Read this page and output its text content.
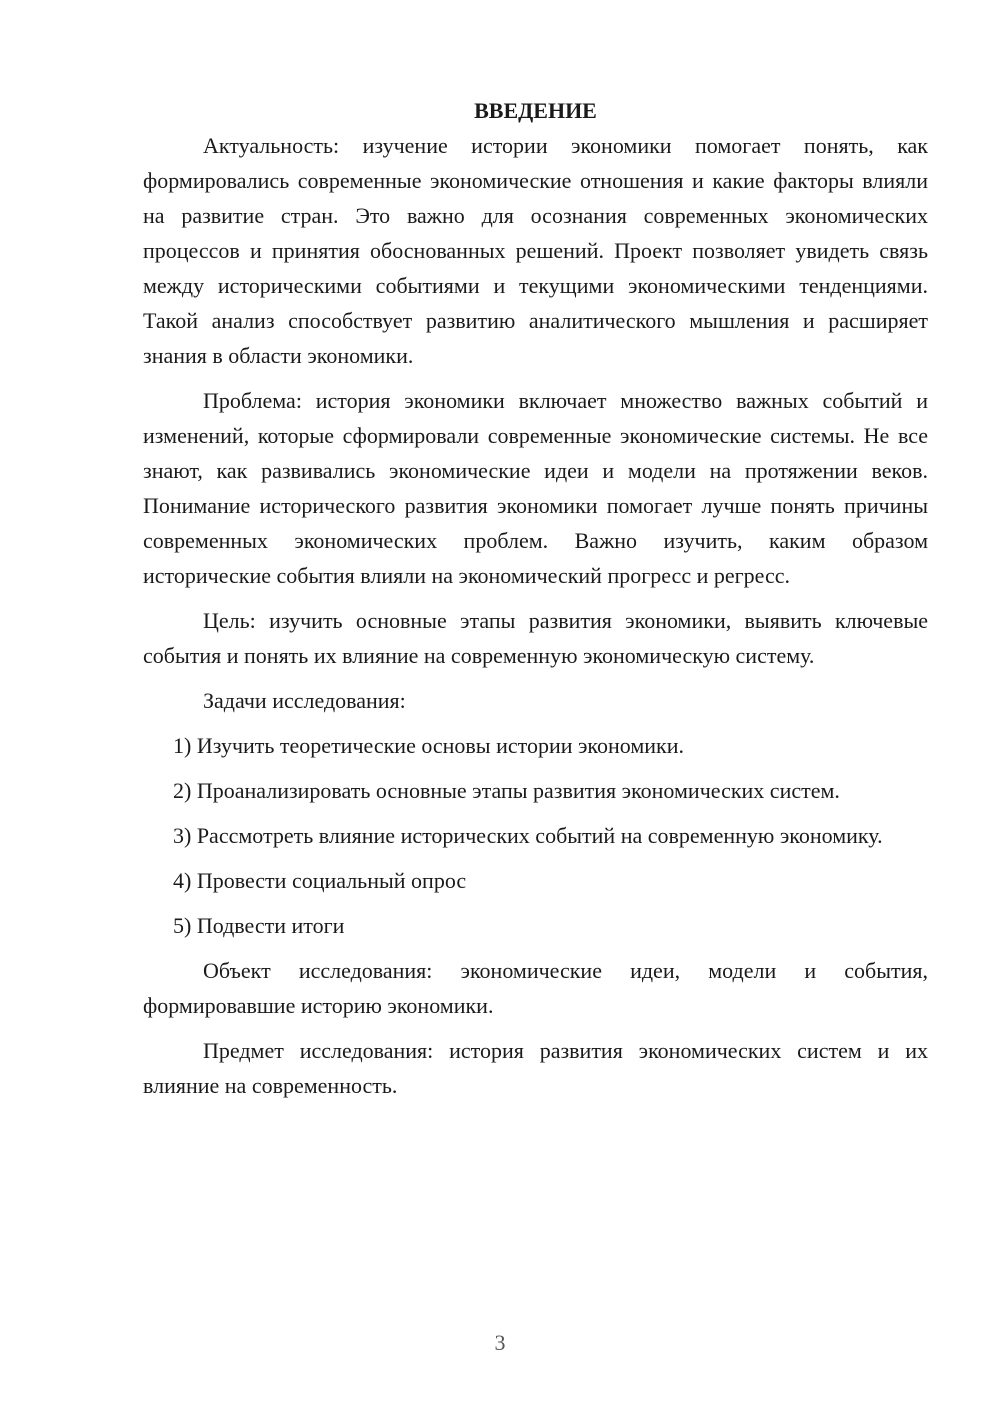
ВВЕДЕНИЕ

Актуальность: изучение истории экономики помогает понять, как формировались современные экономические отношения и какие факторы влияли на развитие стран. Это важно для осознания современных экономических процессов и принятия обоснованных решений. Проект позволяет увидеть связь между историческими событиями и текущими экономическими тенденциями. Такой анализ способствует развитию аналитического мышления и расширяет знания в области экономики.

Проблема: история экономики включает множество важных событий и изменений, которые сформировали современные экономические системы. Не все знают, как развивались экономические идеи и модели на протяжении веков. Понимание исторического развития экономики помогает лучше понять причины современных экономических проблем. Важно изучить, каким образом исторические события влияли на экономический прогресс и регресс.

Цель: изучить основные этапы развития экономики, выявить ключевые события и понять их влияние на современную экономическую систему.

Задачи исследования:

1) Изучить теоретические основы истории экономики.

2) Проанализировать основные этапы развития экономических систем.

3) Рассмотреть влияние исторических событий на современную экономику.

4) Провести социальный опрос

5) Подвести итоги

Объект исследования: экономические идеи, модели и события, формировавшие историю экономики.

Предмет исследования: история развития экономических систем и их влияние на современность.

3
